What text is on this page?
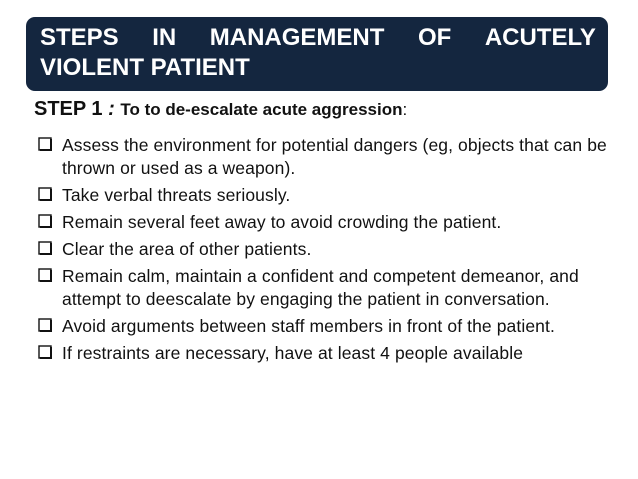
STEPS IN MANAGEMENT OF ACUTELY
VIOLENT PATIENT
STEP 1 : To to de-escalate acute aggression:
Assess the environment for potential dangers (eg, objects that can be thrown or used as a weapon).
Take verbal threats seriously.
Remain several feet away to avoid crowding the patient.
Clear the area of other patients.
Remain calm, maintain a confident and competent demeanor, and attempt to deescalate by engaging the patient in conversation.
Avoid arguments between staff members in front of the patient.
If restraints are necessary, have at least 4 people available
